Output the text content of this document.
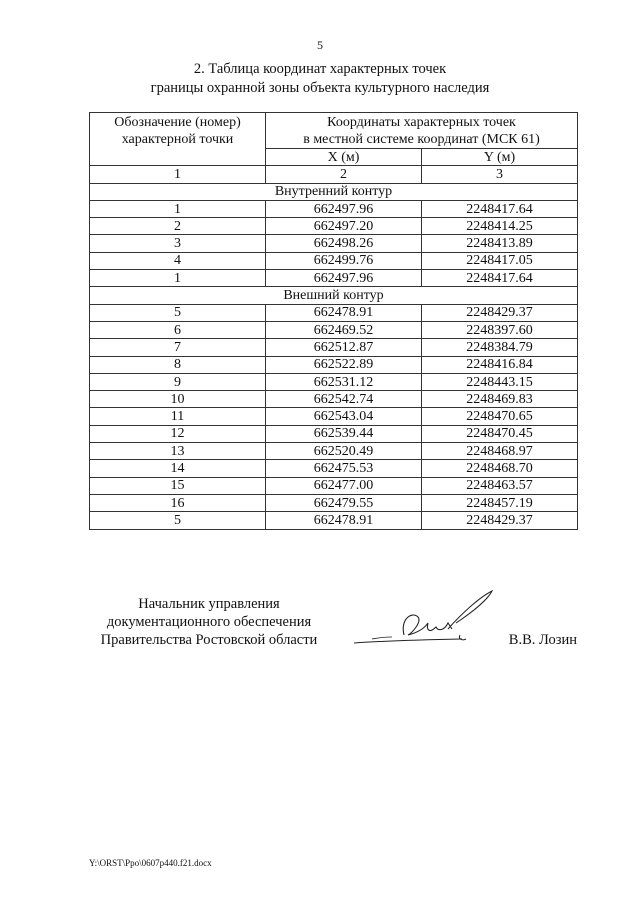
5
2. Таблица координат характерных точек
границы охранной зоны объекта культурного наследия
Обозначение (номер) характерной точки	Координаты характерных точек
в местной системе координат (МСК 61)	

	X (м)	Y (м)
1	2	3
Внутренний контур		
1	662497.96	2248417.64
2	662497.20	2248414.25
3	662498.26	2248413.89
4	662499.76	2248417.05
1	662497.96	2248417.64
Внешний контур		
5	662478.91	2248429.37
6	662469.52	2248397.60
7	662512.87	2248384.79
8	662522.89	2248416.84
9	662531.12	2248443.15
10	662542.74	2248469.83
11	662543.04	2248470.65
12	662539.44	2248470.45
13	662520.49	2248468.97
14	662475.53	2248468.70
15	662477.00	2248463.57
16	662479.55	2248457.19
5	662478.91	2248429.37
Начальник управления
документационного обеспечения
Правительства Ростовской области	В.В. Лозин
Y:\ORST\Ppo\0607p440.f21.docx
